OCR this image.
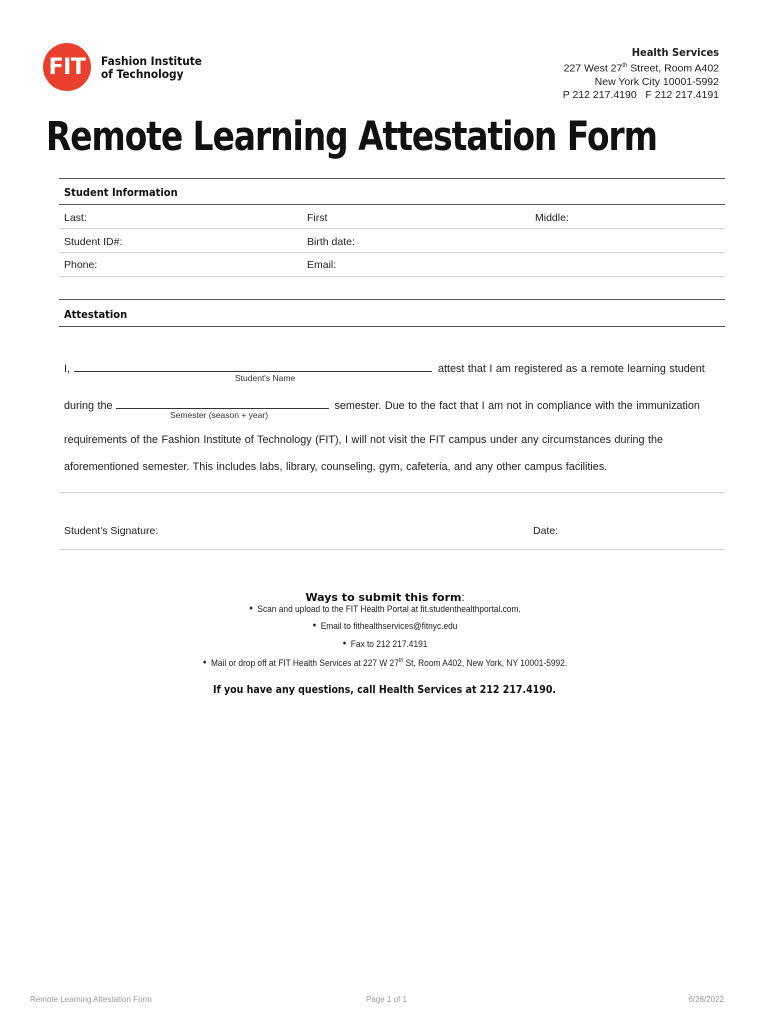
FIT	Fashion Institute
of Technology
Health Services
227 West 27th Street, Room A402
New York City 10001-5992
P 212 217.4190   F 212 217.4191
Remote Learning Attestation Form
Student Information
Last:	First	Middle:
Student ID#:	Birth date:
Phone:	Email:
Attestation
I,	attest that I am registered as a remote learning student
Student's Name
during the	semester. Due to the fact that I am not in compliance with the immunization
Semester (season + year)
requirements of the Fashion Institute of Technology (FIT), I will not visit the FIT campus under any circumstances during the
aforementioned semester. This includes labs, library, counseling, gym, cafeteria, and any other campus facilities.
Student's Signature:	Date:
Ways to submit this form:
● Scan and upload to the FIT Health Portal at fit.studenthealthportal.com.
● Email to fithealthservices@fitnyc.edu
● Fax to 212 217.4191
● Mail or drop off at FIT Health Services at 227 W 27th St, Room A402, New York, NY 10001-5992.
If you have any questions, call Health Services at 212 217.4190.
Remote Learning Attestation Form	Page 1 of 1	6/28/2022
